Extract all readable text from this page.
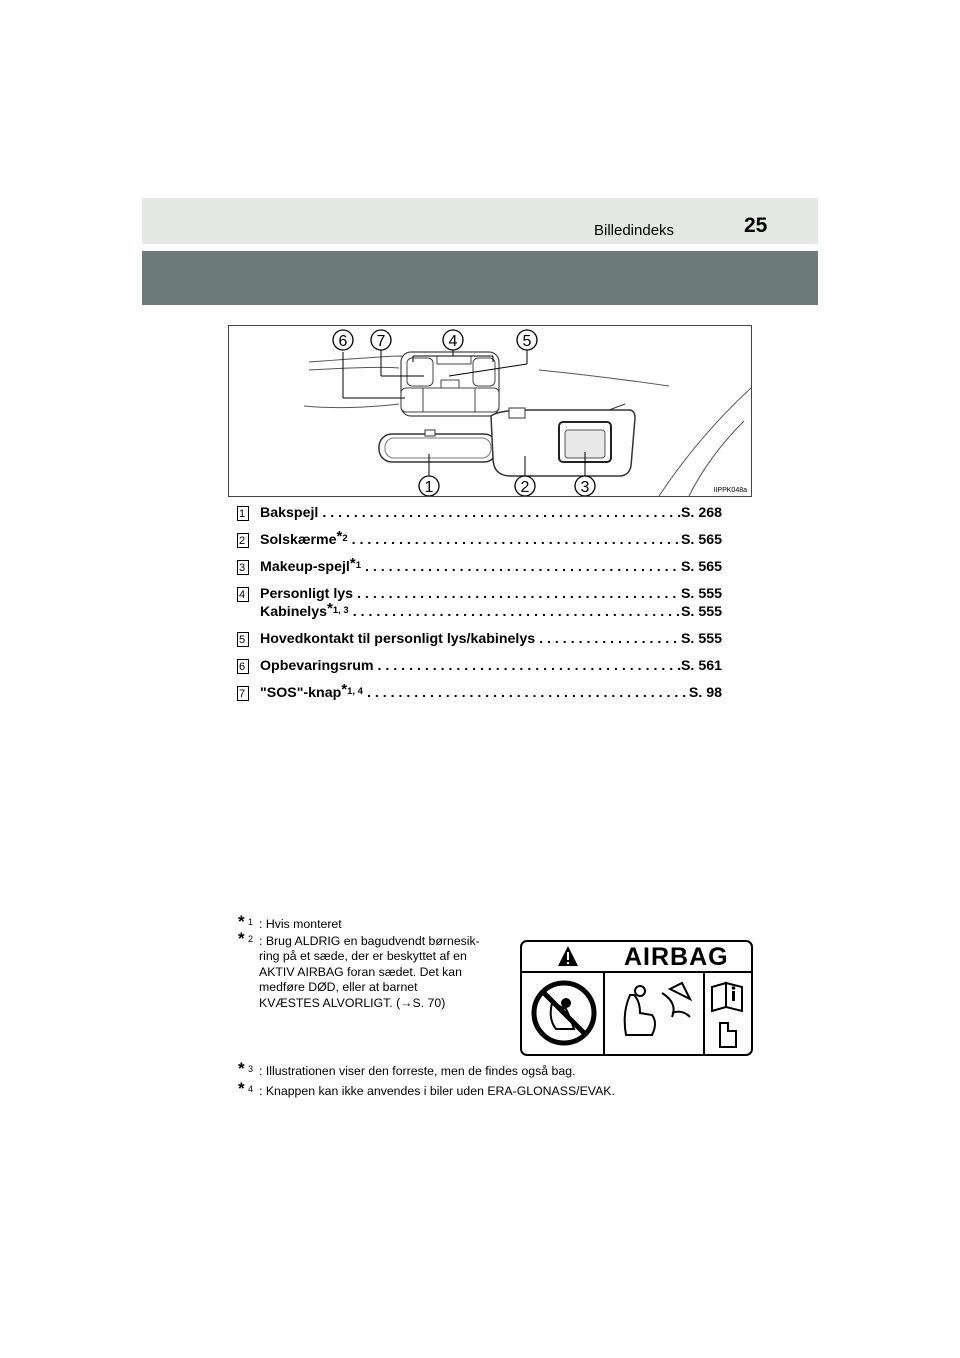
25
Billedindeks
6 7	4	5
1	2	3	IIPPK048a
1 Bakspejl . . .	S. 268
2 Solskærme$^{*2}$ . . .	S. 565
3 Makeup-spejl$^{*1}$ . . .	S. 565
4 Personligt lys . . .	S. 555
Kabinelys$^{*1, 3}$ . . .	S. 555
5 Hovedkontakt til personligt lys/kabinelys . . .	S. 555
6 Opbevaringsrum . . .	S. 561
7 "SOS"-knap$^{*1, 4}$ . . .	S. 98
* 1 : Hvis monteret
* 2 : Brug ALDRIG en bagudvendt børnesik-
ring på et sæde, der er beskyttet af en
AKTIV AIRBAG foran sædet. Det kan
medføre DØD, eller at barnet
KVÆSTES ALVORLIGT. (→S. 70)
AIRBAG
* 3 : Illustrationen viser den forreste, men de findes også bag.
* 4 : Knappen kan ikke anvendes i biler uden ERA-GLONASS/EVAK.
